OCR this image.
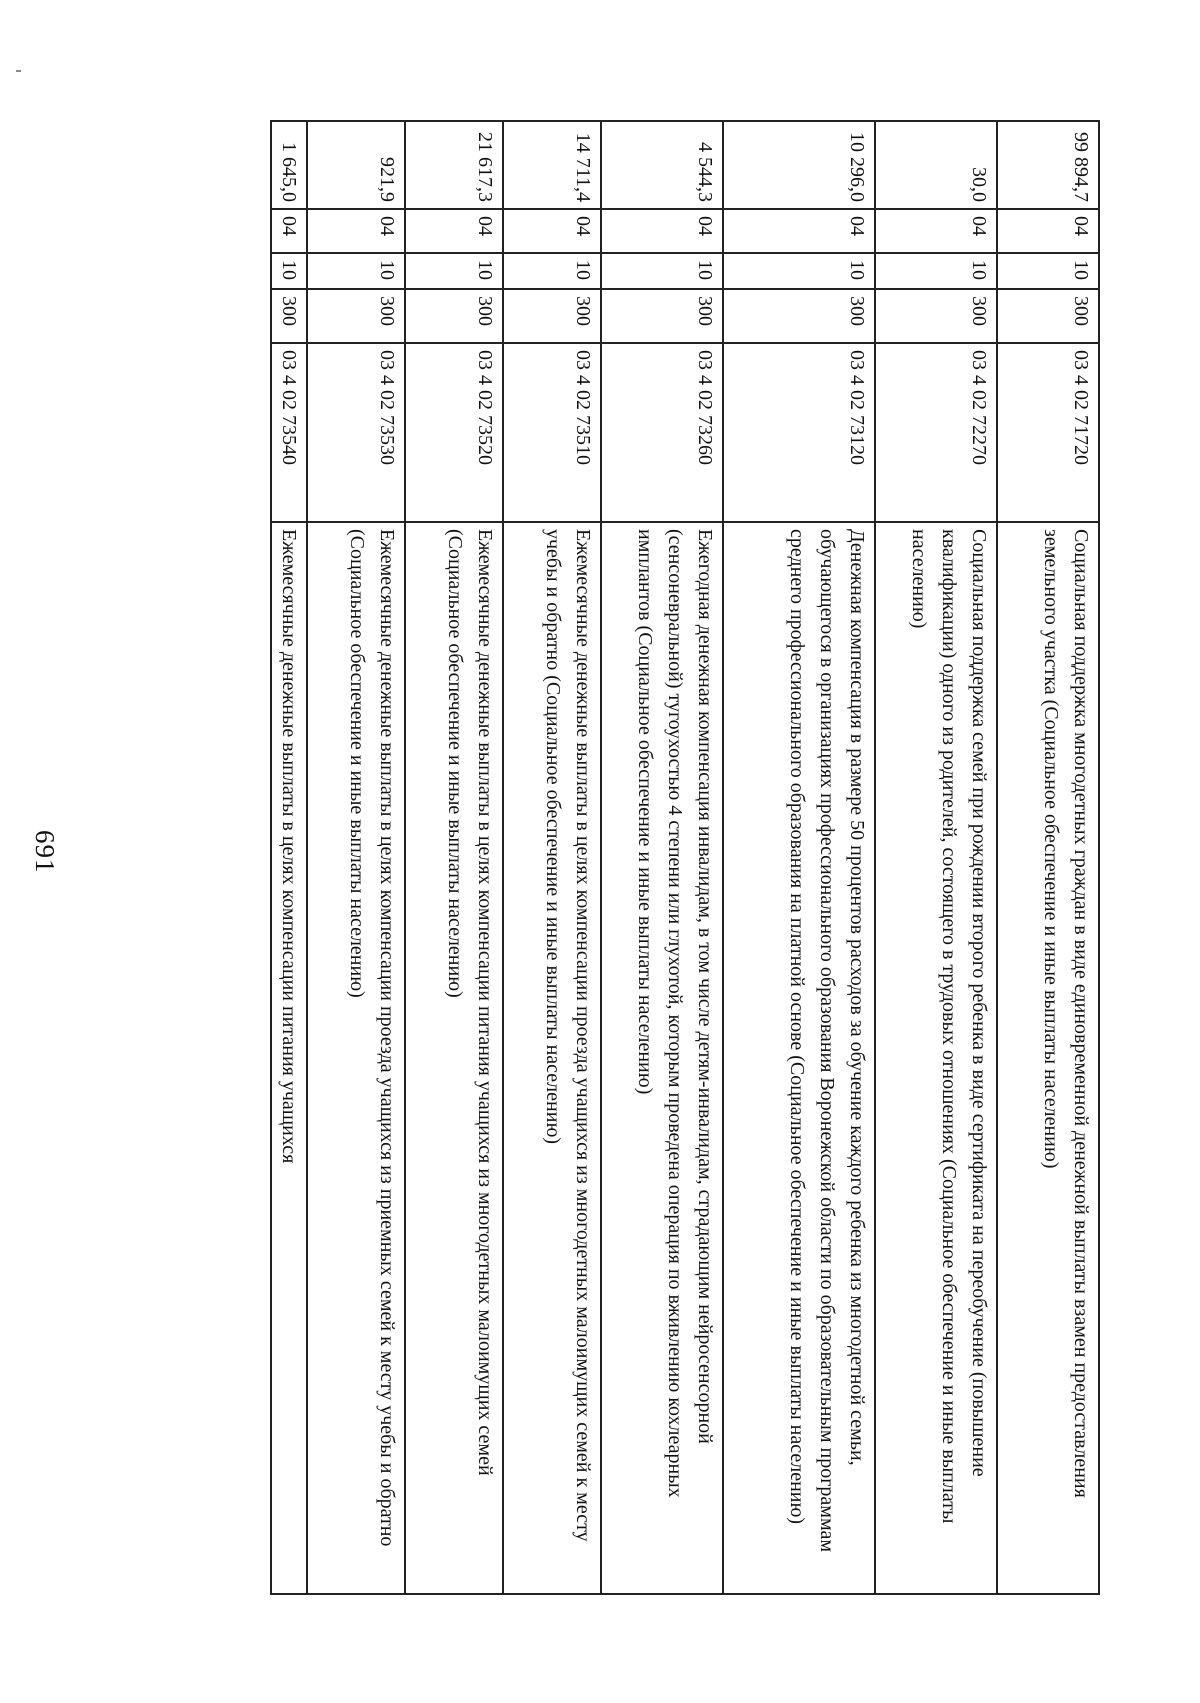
691
99 894,7	04	10	300	03 4 02 71720	Социальная поддержка многодетных граждан в виде единовременной денежной выплаты взамен предоставления земельного участка (Социальное обеспечение и иные выплаты населению)
30,0	04	10	300	03 4 02 72270	Социальная поддержка семей при рождении второго ребенка в виде сертификата на переобучение (повышение квалификации) одного из родителей, состоящего в трудовых отношениях (Социальное обеспечение и иные выплаты населению)
10 296,0	04	10	300	03 4 02 73120	Денежная компенсация в размере 50 процентов расходов за обучение каждого ребенка из многодетной семьи, обучающегося в организациях профессионального образования Воронежской области по образовательным программам среднего профессионального образования на платной основе (Социальное обеспечение и иные выплаты населению)
4 544,3	04	10	300	03 4 02 73260	Ежегодная денежная компенсация инвалидам, в том числе детям-инвалидам, страдающим нейросенсорной (сенсоневральной) тугоухостью 4 степени или глухотой, которым проведена операция по вживлению кохлеарных имплантов (Социальное обеспечение и иные выплаты населению)
14 711,4	04	10	300	03 4 02 73510	Ежемесячные денежные выплаты в целях компенсации проезда учащихся из многодетных малоимущих семей к месту учебы и обратно (Социальное обеспечение и иные выплаты населению)
21 617,3	04	10	300	03 4 02 73520	Ежемесячные денежные выплаты в целях компенсации питания учащихся из многодетных малоимущих семей (Социальное обеспечение и иные выплаты населению)
921,9	04	10	300	03 4 02 73530	Ежемесячные денежные выплаты в целях компенсации проезда учащихся из приемных семей к месту учебы и обратно (Социальное обеспечение и иные выплаты населению)
1 645,0	04	10	300	03 4 02 73540	Ежемесячные денежные выплаты в целях компенсации питания учащихся
